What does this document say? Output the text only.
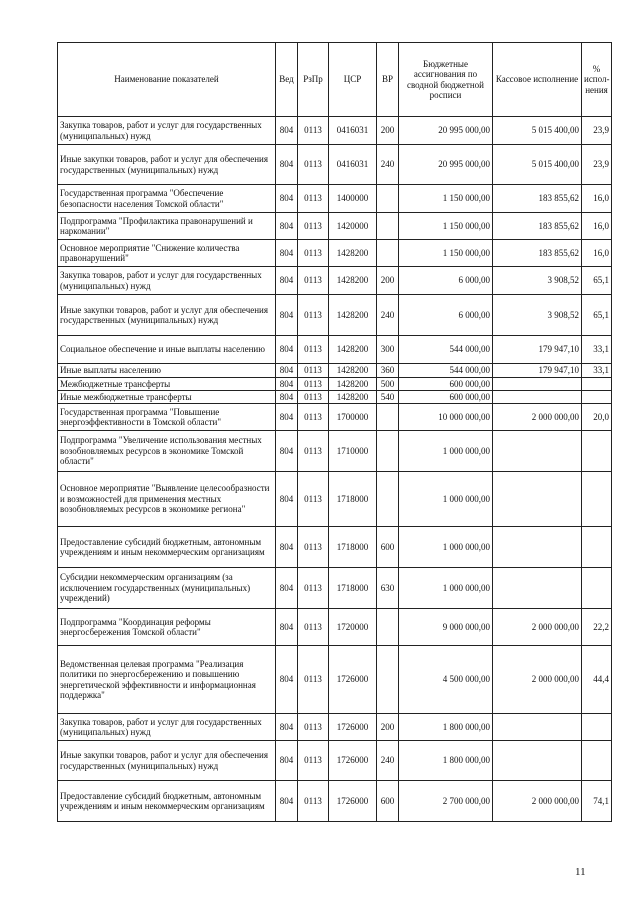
Наименование показателей	Вед	РзПр	ЦСР	ВР	Бюджетные ассигнования по сводной бюджетной росписи	Кассовое исполнение	% испол-нения
Закупка товаров, работ и услуг для государственных (муниципальных) нужд	804	0113	0416031	200	20 995 000,00	5 015 400,00	23,9
Иные закупки товаров, работ и услуг для обеспечения государственных (муниципальных) нужд	804	0113	0416031	240	20 995 000,00	5 015 400,00	23,9
Государственная программа "Обеспечение безопасности населения Томской области"	804	0113	1400000		1 150 000,00	183 855,62	16,0
Подпрограмма "Профилактика правонарушений и наркомании"	804	0113	1420000		1 150 000,00	183 855,62	16,0
Основное мероприятие "Снижение количества правонарушений"	804	0113	1428200		1 150 000,00	183 855,62	16,0
Закупка товаров, работ и услуг для государственных (муниципальных) нужд	804	0113	1428200	200	6 000,00	3 908,52	65,1
Иные закупки товаров, работ и услуг для обеспечения государственных (муниципальных) нужд	804	0113	1428200	240	6 000,00	3 908,52	65,1
Социальное обеспечение и иные выплаты населению	804	0113	1428200	300	544 000,00	179 947,10	33,1
Иные выплаты населению	804	0113	1428200	360	544 000,00	179 947,10	33,1
Межбюджетные трансферты	804	0113	1428200	500	600 000,00		
Иные межбюджетные трансферты	804	0113	1428200	540	600 000,00		
Государственная программа "Повышение энергоэффективности в Томской области"	804	0113	1700000		10 000 000,00	2 000 000,00	20,0
Подпрограмма "Увеличение использования местных возобновляемых ресурсов в экономике Томской области"	804	0113	1710000		1 000 000,00		
Основное мероприятие "Выявление целесообразности и возможностей для применения местных возобновляемых ресурсов в экономике региона"	804	0113	1718000		1 000 000,00		
Предоставление субсидий бюджетным, автономным учреждениям и иным некоммерческим организациям	804	0113	1718000	600	1 000 000,00		
Субсидии некоммерческим организациям (за исключением государственных (муниципальных) учреждений)	804	0113	1718000	630	1 000 000,00		
Подпрограмма "Координация реформы энергосбережения Томской области"	804	0113	1720000		9 000 000,00	2 000 000,00	22,2
Ведомственная целевая программа "Реализация политики по энергосбережению и повышению энергетической эффективности и информационная поддержка"	804	0113	1726000		4 500 000,00	2 000 000,00	44,4
Закупка товаров, работ и услуг для государственных (муниципальных) нужд	804	0113	1726000	200	1 800 000,00		
Иные закупки товаров, работ и услуг для обеспечения государственных (муниципальных) нужд	804	0113	1726000	240	1 800 000,00		
Предоставление субсидий бюджетным, автономным учреждениям и иным некоммерческим организациям	804	0113	1726000	600	2 700 000,00	2 000 000,00	74,1
11
